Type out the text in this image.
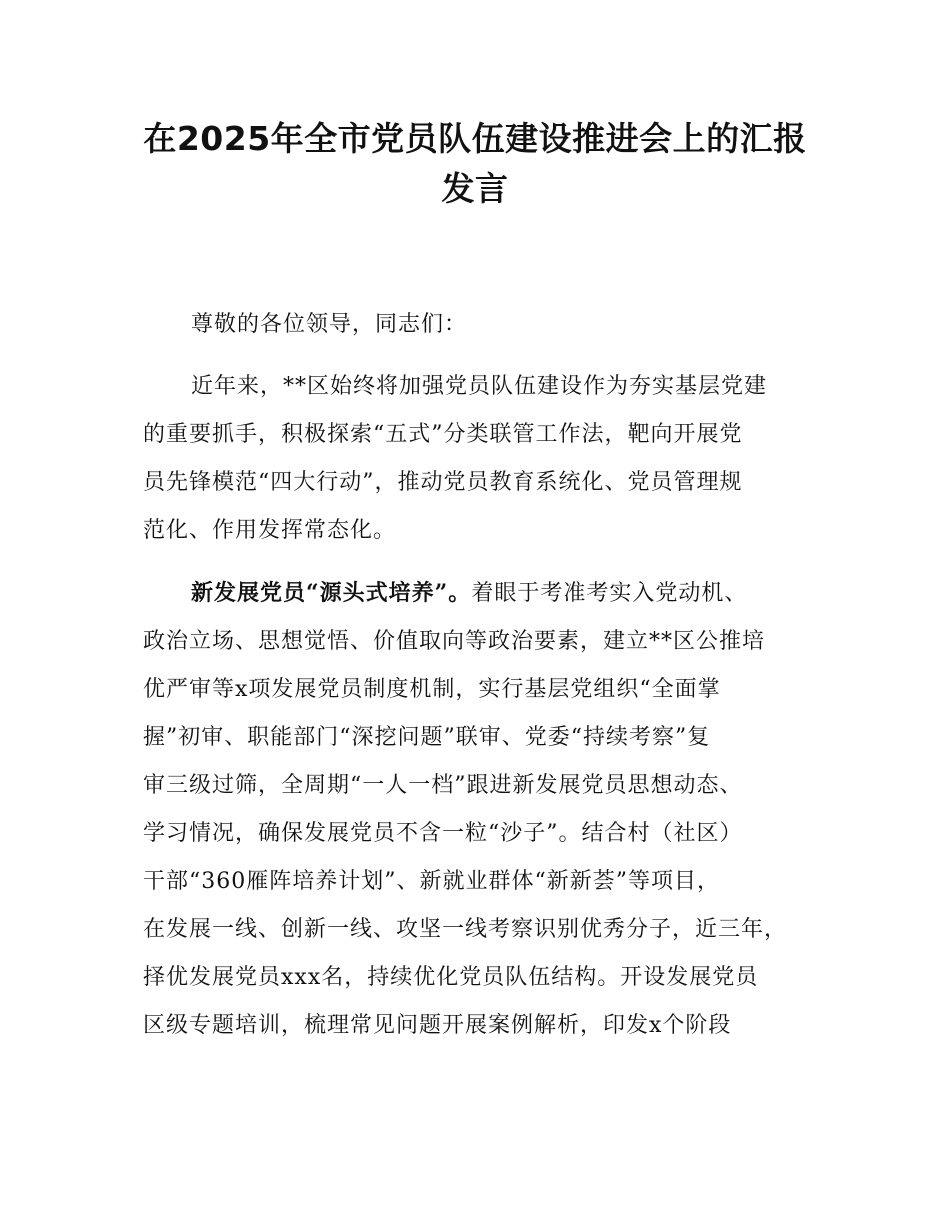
在2025年全市党员队伍建设推进会上的汇报
发言

尊敬的各位领导，同志们：

近年来，**区始终将加强党员队伍建设作为夯实基层党建
的重要抓手，积极探索“五式”分类联管工作法，靶向开展党
员先锋模范“四大行动”，推动党员教育系统化、党员管理规
范化、作用发挥常态化。

新发展党员“源头式培养”。着眼于考准考实入党动机、
政治立场、思想觉悟、价值取向等政治要素，建立**区公推培
优严审等x项发展党员制度机制，实行基层党组织“全面掌
握”初审、职能部门“深挖问题”联审、党委“持续考察”复
审三级过筛，全周期“一人一档”跟进新发展党员思想动态、
学习情况，确保发展党员不含一粒“沙子”。结合村（社区）
干部“360雁阵培养计划”、新就业群体“新新荟”等项目，
在发展一线、创新一线、攻坚一线考察识别优秀分子，近三年，
择优发展党员xxx名，持续优化党员队伍结构。开设发展党员
区级专题培训，梳理常见问题开展案例解析，印发x个阶段
